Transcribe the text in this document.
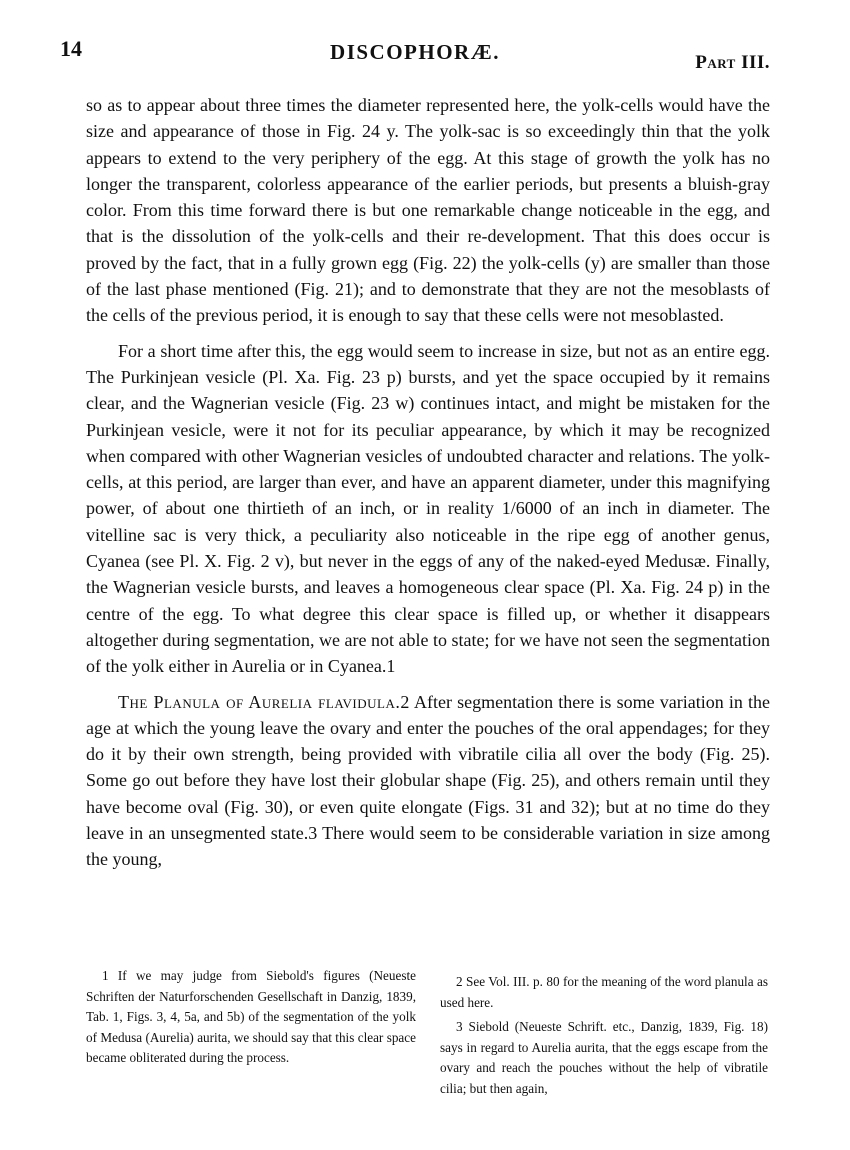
14	DISCOPHORÆ.	Part III.

so as to appear about three times the diameter represented here, the yolk-cells would have the size and appearance of those in Fig. 24 y. The yolk-sac is so exceedingly thin that the yolk appears to extend to the very periphery of the egg. At this stage of growth the yolk has no longer the transparent, colorless appearance of the earlier periods, but presents a bluish-gray color. From this time forward there is but one remarkable change noticeable in the egg, and that is the dissolution of the yolk-cells and their re-development. That this does occur is proved by the fact, that in a fully grown egg (Fig. 22) the yolk-cells (y) are smaller than those of the last phase mentioned (Fig. 21); and to demonstrate that they are not the mesoblasts of the cells of the previous period, it is enough to say that these cells were not mesoblasted.

For a short time after this, the egg would seem to increase in size, but not as an entire egg. The Purkinjean vesicle (Pl. Xa. Fig. 23 p) bursts, and yet the space occupied by it remains clear, and the Wagnerian vesicle (Fig. 23 w) continues intact, and might be mistaken for the Purkinjean vesicle, were it not for its peculiar appearance, by which it may be recognized when compared with other Wagnerian vesicles of undoubted character and relations. The yolk-cells, at this period, are larger than ever, and have an apparent diameter, under this magnifying power, of about one thirtieth of an inch, or in reality 1/6000 of an inch in diameter. The vitelline sac is very thick, a peculiarity also noticeable in the ripe egg of another genus, Cyanea (see Pl. X. Fig. 2 v), but never in the eggs of any of the naked-eyed Medusæ. Finally, the Wagnerian vesicle bursts, and leaves a homogeneous clear space (Pl. Xa. Fig. 24 p) in the centre of the egg. To what degree this clear space is filled up, or whether it disappears altogether during segmentation, we are not able to state; for we have not seen the segmentation of the yolk either in Aurelia or in Cyanea.1

The Planula of Aurelia flavidula.2 After segmentation there is some variation in the age at which the young leave the ovary and enter the pouches of the oral appendages; for they do it by their own strength, being provided with vibratile cilia all over the body (Fig. 25). Some go out before they have lost their globular shape (Fig. 25), and others remain until they have become oval (Fig. 30), or even quite elongate (Figs. 31 and 32); but at no time do they leave in an unsegmented state.3 There would seem to be considerable variation in size among the young,

1 If we may judge from Siebold's figures (Neueste Schriften der Naturforschenden Gesellschaft in Danzig, 1839, Tab. 1, Figs. 3, 4, 5a, and 5b) of the segmentation of the yolk of Medusa (Aurelia) aurita, we should say that this clear space became obliterated during the process.

2 See Vol. III. p. 80 for the meaning of the word planula as used here.

3 Siebold (Neueste Schrift. etc., Danzig, 1839, Fig. 18) says in regard to Aurelia aurita, that the eggs escape from the ovary and reach the pouches without the help of vibratile cilia; but then again,
